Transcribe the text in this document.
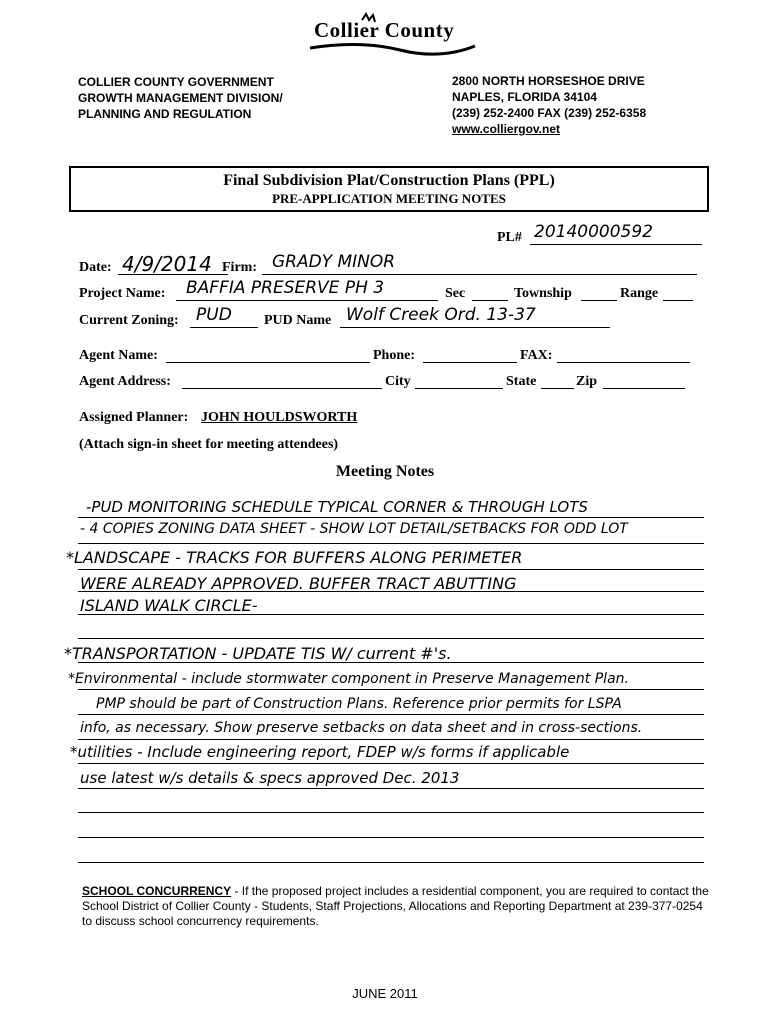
Collier County
COLLIER COUNTY GOVERNMENT
GROWTH MANAGEMENT DIVISION/
PLANNING AND REGULATION
2800 NORTH HORSESHOE DRIVE
NAPLES, FLORIDA 34104
(239) 252-2400 FAX (239) 252-6358
www.colliergov.net
Final Subdivision Plat/Construction Plans (PPL)
PRE-APPLICATION MEETING NOTES
PL# 20140000592
Date: 4/9/2014 Firm: GRADY MINOR
Project Name: BAFFIA PRESERVE PH 3	Sec	Township	Range
Current Zoning: PUD PUD Name Wolf Creek Ord. 13-37
Agent Name:	Phone:	FAX:
Agent Address:	City	State	Zip
Assigned Planner: JOHN HOULDSWORTH
(Attach sign-in sheet for meeting attendees)
Meeting Notes
-PUD MONITORING SCHEDULE TYPICAL CORNER & THROUGH LOTS
- 4 COPIES ZONING DATA SHEET - SHOW LOT DETAIL/SETBACKS FOR ODD LOT
*LANDSCAPE - TRACKS FOR BUFFERS ALONG PERIMETER
WERE ALREADY APPROVED. BUFFER TRACT ABUTTING
ISLAND WALK CIRCLE-
*TRANSPORTATION - UPDATE TIS W/ current #'s.
*Environmental - include stormwater component in Preserve Management Plan.
PMP should be part of Construction Plans. Reference prior permits for LSPA
info, as necessary. Show preserve setbacks on data sheet and in cross-sections.
*utilities - Include engineering report, FDEP w/s forms if applicable
use latest w/s details & specs approved Dec. 2013
SCHOOL CONCURRENCY - If the proposed project includes a residential component, you are required to contact the School District of Collier County - Students, Staff Projections, Allocations and Reporting Department at 239-377-0254 to discuss school concurrency requirements.
JUNE 2011
